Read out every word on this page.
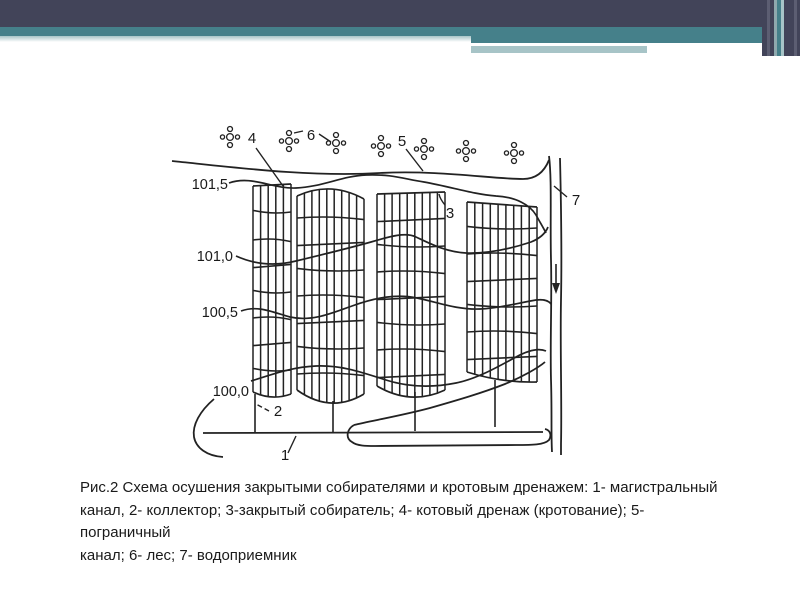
101,5
101,0
100,5
100,0
1
2
3
4	5
6
7
Рис.2 Схема осушения закрытыми собирателями и кротовым дренажем: 1- магистральный
канал, 2- коллектор; 3-закрытый собиратель; 4- котовый дренаж (кротование); 5- пограничный
канал; 6- лес; 7- водоприемник
